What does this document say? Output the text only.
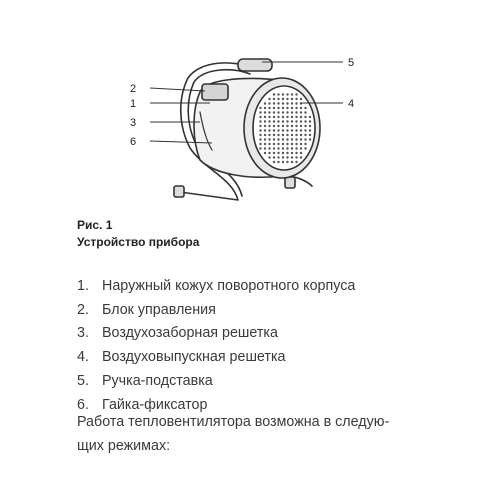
2
1
3
6
5
4
Рис. 1
Устройство прибора
1. Наружный кожух поворотного корпуса
2. Блок управления
3. Воздухозаборная решетка
4. Воздуховыпускная решетка
5. Ручка-подставка
6. Гайка-фиксатор
Работа тепловентилятора возможна в следую-
щих режимах:
